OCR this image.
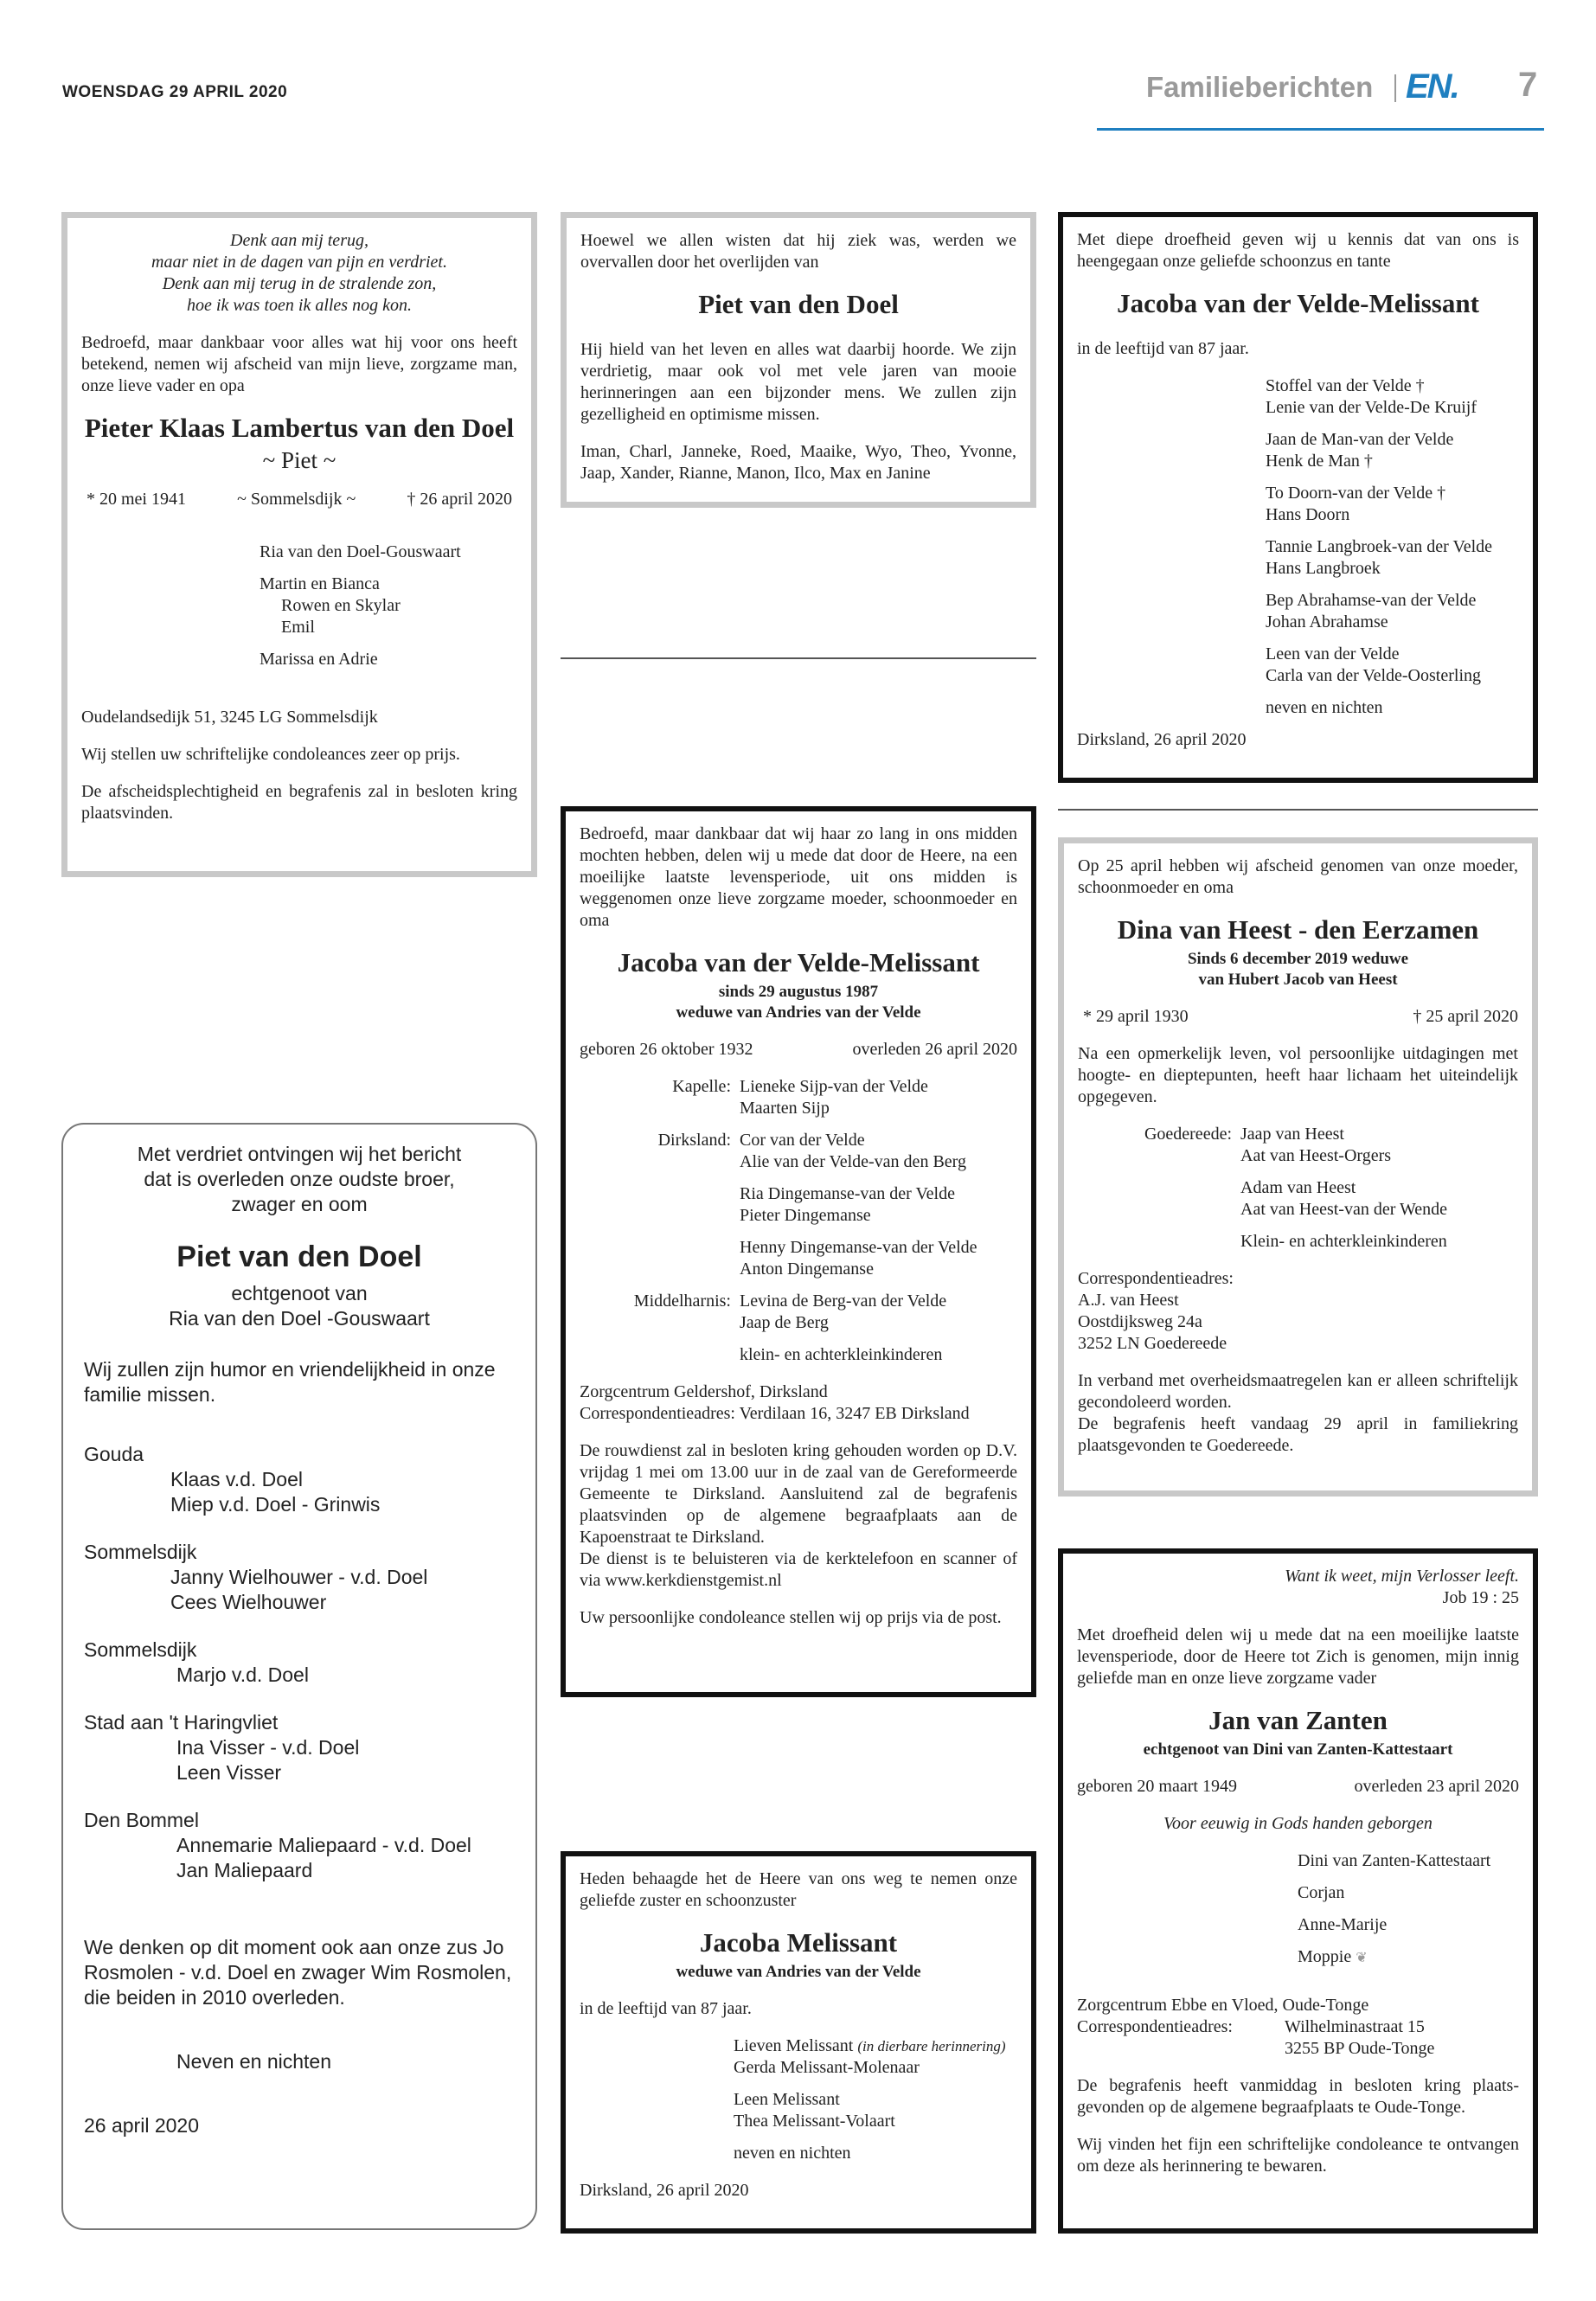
WOENSDAG 29 APRIL 2020	Familieberichten EN. 7

Denk aan mij terug,

maar niet in de dagen van pijn en verdriet.

Denk aan mij terug in de stralende zon,

hoe ik was toen ik alles nog kon.

Bedroefd, maar dankbaar voor alles wat hij voor ons heeft betekend, nemen wij afscheid van mijn lieve, zorgzame man, onze lieve vader en opa

Pieter Klaas Lambertus van den Doel
~ Piet ~
* 20 mei 1941	~ Sommelsdijk ~	† 26 april 2020

Ria van den Doel-Gouswaart

Martin en Bianca

Rowen en Skylar

Emil

Marissa en Adrie

Oudelandsedijk 51, 3245 LG Sommelsdijk

Wij stellen uw schriftelijke condoleances zeer op prijs.

De afscheidsplechtigheid en begrafenis zal in besloten kring plaatsvinden.

Hoewel we allen wisten dat hij ziek was, werden we overvallen door het overlijden van

Piet van den Doel

Hij hield van het leven en alles wat daarbij hoorde. We zijn verdrietig, maar ook vol met vele jaren van mooie herinneringen aan een bijzonder mens. We zullen zijn gezelligheid en optimisme missen.

Iman, Charl, Janneke, Roed, Maaike, Wyo, Theo, Yvonne, Jaap, Xander, Rianne, Manon, Ilco, Max en Janine

Met diepe droefheid geven wij u kennis dat van ons is heengegaan onze geliefde schoonzus en tante

Jacoba van der Velde-Melissant

in de leeftijd van 87 jaar.

Stoffel van der Velde †

Lenie van der Velde-De Kruijf

Jaan de Man-van der Velde

Henk de Man †

To Doorn-van der Velde †

Hans Doorn

Tannie Langbroek-van der Velde

Hans Langbroek

Bep Abrahamse-van der Velde

Johan Abrahamse

Leen van der Velde

Carla van der Velde-Oosterling

neven en nichten

Dirksland, 26 april 2020

Bedroefd, maar dankbaar dat wij haar zo lang in ons midden mochten hebben, delen wij u mede dat door de Heere, na een moeilijke laatste levensperiode, uit ons midden is weggenomen onze lieve zorgzame moeder, schoonmoeder en oma

Jacoba van der Velde-Melissant
sinds 29 augustus 1987
weduwe van Andries van der Velde
geboren 26 oktober 1932	overleden 26 april 2020
Kapelle: Lieneke Sijp-van der Velde

Maarten Sijp

Dirksland: Cor van der Velde

Alie van der Velde-van den Berg

Ria Dingemanse-van der Velde

Pieter Dingemanse

Henny Dingemanse-van der Velde

Anton Dingemanse

Middelharnis: Levina de Berg-van der Velde

Jaap de Berg

klein- en achterkleinkinderen

Zorgcentrum Geldershof, Dirksland

Correspondentieadres: Verdilaan 16, 3247 EB Dirksland

De rouwdienst zal in besloten kring gehouden worden op D.V. vrijdag 1 mei om 13.00 uur in de zaal van de Gereformeerde Gemeente te Dirksland. Aansluitend zal de begrafenis plaatsvinden op de algemene begraafplaats aan de Kapoenstraat te Dirksland.

De dienst is te beluisteren via de kerktelefoon en scanner of via www.kerkdienstgemist.nl

Uw persoonlijke condoleance stellen wij op prijs via de post.

Op 25 april hebben wij afscheid genomen van onze moeder, schoonmoeder en oma

Dina van Heest - den Eerzamen
Sinds 6 december 2019 weduwe
van Hubert Jacob van Heest
* 29 april 1930	† 25 april 2020

Na een opmerkelijk leven, vol persoonlijke uitdagingen met hoogte- en dieptepunten, heeft haar lichaam het uiteindelijk opgegeven.

Goedereede: Jaap van Heest

Aat van Heest-Orgers

Adam van Heest

Aat van Heest-van der Wende

Klein- en achterkleinkinderen

Correspondentieadres:

A.J. van Heest

Oostdijksweg 24a

3252 LN Goedereede

In verband met overheidsmaatregelen kan er alleen schriftelijk gecondoleerd worden.

De begrafenis heeft vandaag 29 april in familiekring plaatsgevonden te Goedereede.

Met verdriet ontvingen wij het bericht

dat is overleden onze oudste broer,

zwager en oom

Piet van den Doel

echtgenoot van

Ria van den Doel -Gouswaart

Wij zullen zijn humor en vriendelijkheid in onze familie missen.

Gouda

Klaas v.d. Doel

Miep v.d. Doel - Grinwis

Sommelsdijk

Janny Wielhouwer - v.d. Doel

Cees Wielhouwer

Sommelsdijk

Marjo v.d. Doel

Stad aan 't Haringvliet

Ina Visser - v.d. Doel

Leen Visser

Den Bommel

Annemarie Maliepaard - v.d. Doel

Jan Maliepaard

We denken op dit moment ook aan onze zus Jo Rosmolen - v.d. Doel en zwager Wim Rosmolen, die beiden in 2010 overleden.

Neven en nichten

26 april 2020

Want ik weet, mijn Verlosser leeft.

Job 19 : 25

Met droefheid delen wij u mede dat na een moeilijke laatste levensperiode, door de Heere tot Zich is genomen, mijn innig geliefde man en onze lieve zorgzame vader

Jan van Zanten
echtgenoot van Dini van Zanten-Kattestaart
geboren 20 maart 1949	overleden 23 april 2020

Voor eeuwig in Gods handen geborgen

Dini van Zanten-Kattestaart

Corjan

Anne-Marije

Moppie ❦

Zorgcentrum Ebbe en Vloed, Oude-Tonge

Correspondentieadres:	Wilhelminastraat 15

3255 BP Oude-Tonge

De begrafenis heeft vanmiddag in besloten kring plaats-gevonden op de algemene begraafplaats te Oude-Tonge.

Wij vinden het fijn een schriftelijke condoleance te ontvangen om deze als herinnering te bewaren.

Heden behaagde het de Heere van ons weg te nemen onze geliefde zuster en schoonzuster

Jacoba Melissant
weduwe van Andries van der Velde

in de leeftijd van 87 jaar.

Lieven Melissant (in dierbare herinnering)

Gerda Melissant-Molenaar

Leen Melissant

Thea Melissant-Volaart

neven en nichten

Dirksland, 26 april 2020
